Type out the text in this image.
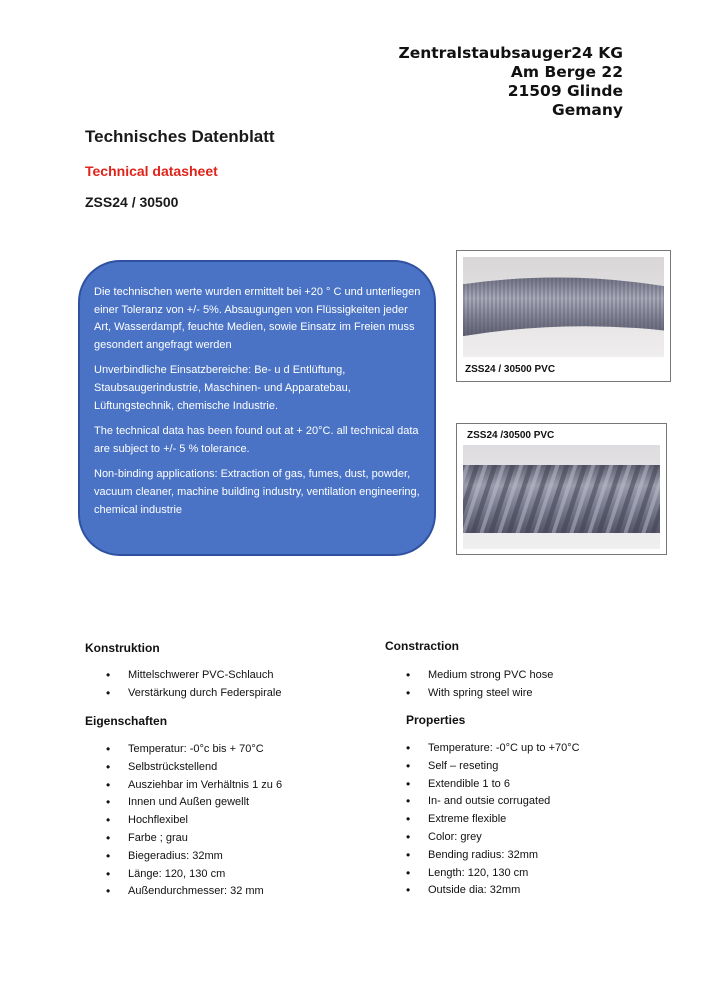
Zentralstaubsauger24 KG
Am Berge 22
21509 Glinde
Gemany
Technisches Datenblatt
Technical datasheet
ZSS24 / 30500

Die technischen werte wurden ermittelt bei +20 ° C und unterliegen einer Toleranz von +/- 5%. Absaugungen von Flüssigkeiten jeder Art, Wasserdampf, feuchte Medien, sowie Einsatz im Freien muss gesondert angefragt werden

Unverbindliche Einsatzbereiche: Be- u d Entlüftung, Staubsaugerindustrie, Maschinen- und Apparatebau, Lüftungstechnik, chemische Industrie.

The technical data has been found out at + 20°C. all technical data are subject to +/- 5 % tolerance.

Non-binding applications: Extraction of gas, fumes, dust, powder, vacuum cleaner, machine building industry, ventilation engineering, chemical industrie

ZSS24 / 30500 PVC
ZSS24 /30500 PVC
Konstruktion
• Mittelschwerer PVC-Schlauch
• Verstärkung durch Federspirale
Eigenschaften
• Temperatur: -0°c bis + 70°C
• Selbstrückstellend
• Ausziehbar im Verhältnis 1 zu 6
• Innen und Außen gewellt
• Hochflexibel
• Farbe ; grau
• Biegeradius: 32mm
• Länge: 120, 130 cm
• Außendurchmesser: 32 mm
Constraction
• Medium strong PVC hose
• With spring steel wire
Properties
• Temperature: -0°C up to +70°C
• Self – reseting
• Extendible 1 to 6
• In- and outsie corrugated
• Extreme flexible
• Color: grey
• Bending radius: 32mm
• Length: 120, 130 cm
• Outside dia: 32mm
